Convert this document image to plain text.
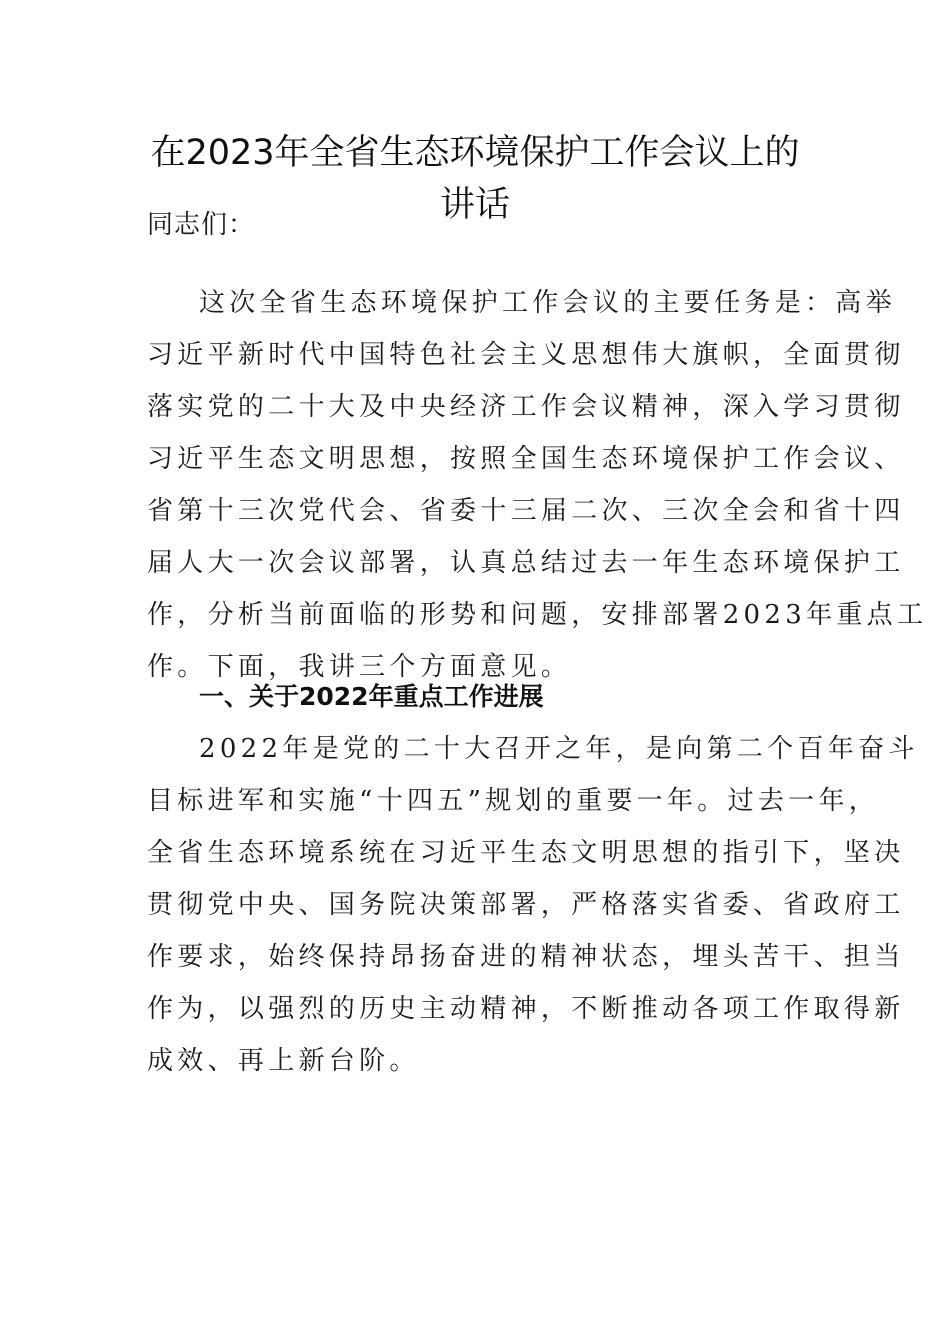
在2023年全省生态环境保护工作会议上的
讲话

同志们：

这次全省生态环境保护工作会议的主要任务是：高举
习近平新时代中国特色社会主义思想伟大旗帜，全面贯彻
落实党的二十大及中央经济工作会议精神，深入学习贯彻
习近平生态文明思想，按照全国生态环境保护工作会议、
省第十三次党代会、省委十三届二次、三次全会和省十四
届人大一次会议部署，认真总结过去一年生态环境保护工
作，分析当前面临的形势和问题，安排部署2023年重点工
作。下面，我讲三个方面意见。
一、关于2022年重点工作进展
2022年是党的二十大召开之年，是向第二个百年奋斗
目标进军和实施“十四五”规划的重要一年。过去一年，
全省生态环境系统在习近平生态文明思想的指引下，坚决
贯彻党中央、国务院决策部署，严格落实省委、省政府工
作要求，始终保持昂扬奋进的精神状态，埋头苦干、担当
作为，以强烈的历史主动精神，不断推动各项工作取得新
成效、再上新台阶。
